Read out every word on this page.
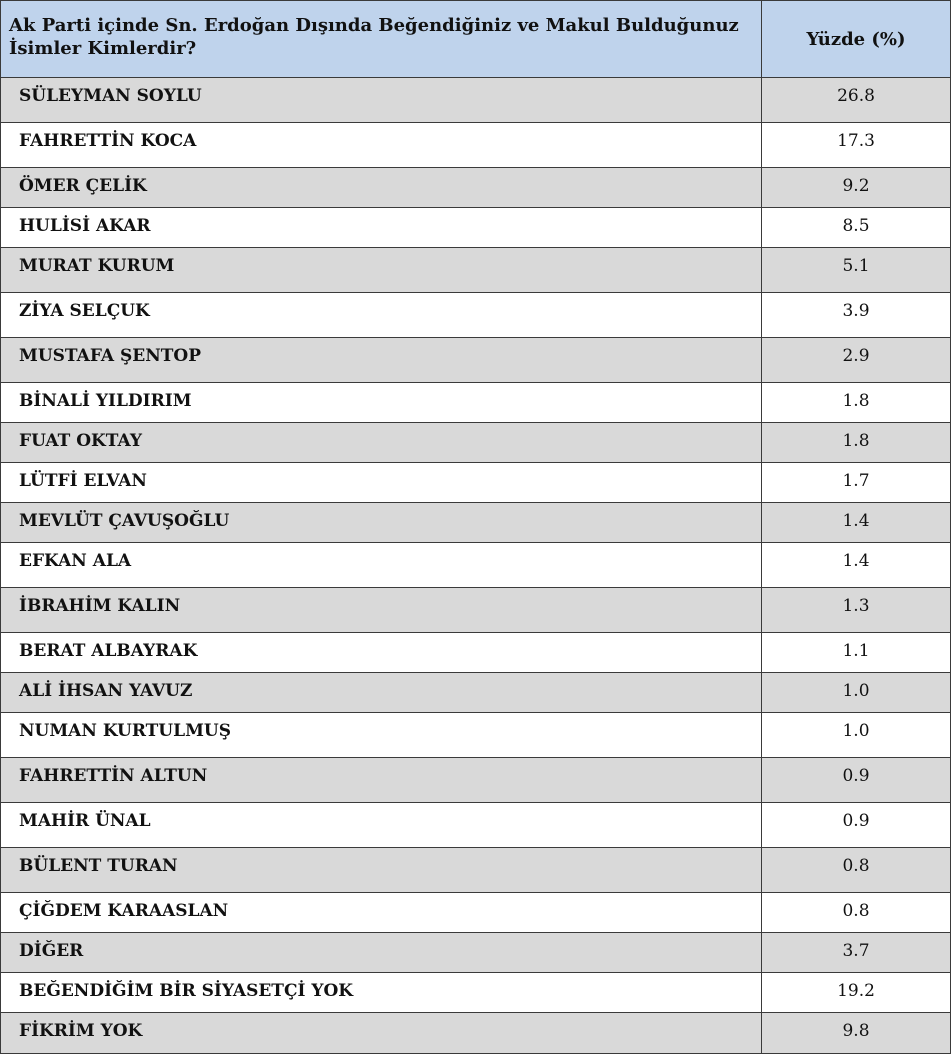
Ak Parti içinde Sn. Erdoğan Dışında Beğendiğiniz ve Makul Bulduğunuz İsimler Kimlerdir?	Yüzde (%)
SÜLEYMAN SOYLU	26.8
FAHRETTİN KOCA	17.3
ÖMER ÇELİK	9.2
HULİSİ AKAR	8.5
MURAT KURUM	5.1
ZİYA SELÇUK	3.9
MUSTAFA ŞENTOP	2.9
BİNALİ YILDIRIM	1.8
FUAT OKTAY	1.8
LÜTFİ ELVAN	1.7
MEVLÜT ÇAVUŞOĞLU	1.4
EFKAN ALA	1.4
İBRAHİM KALIN	1.3
BERAT ALBAYRAK	1.1
ALİ İHSAN YAVUZ	1.0
NUMAN KURTULMUŞ	1.0
FAHRETTİN ALTUN	0.9
MAHİR ÜNAL	0.9
BÜLENT TURAN	0.8
ÇİĞDEM KARAASLAN	0.8
DİĞER	3.7
BEĞENDİĞİM BİR SİYASETÇİ YOK	19.2
FİKRİM YOK	9.8
